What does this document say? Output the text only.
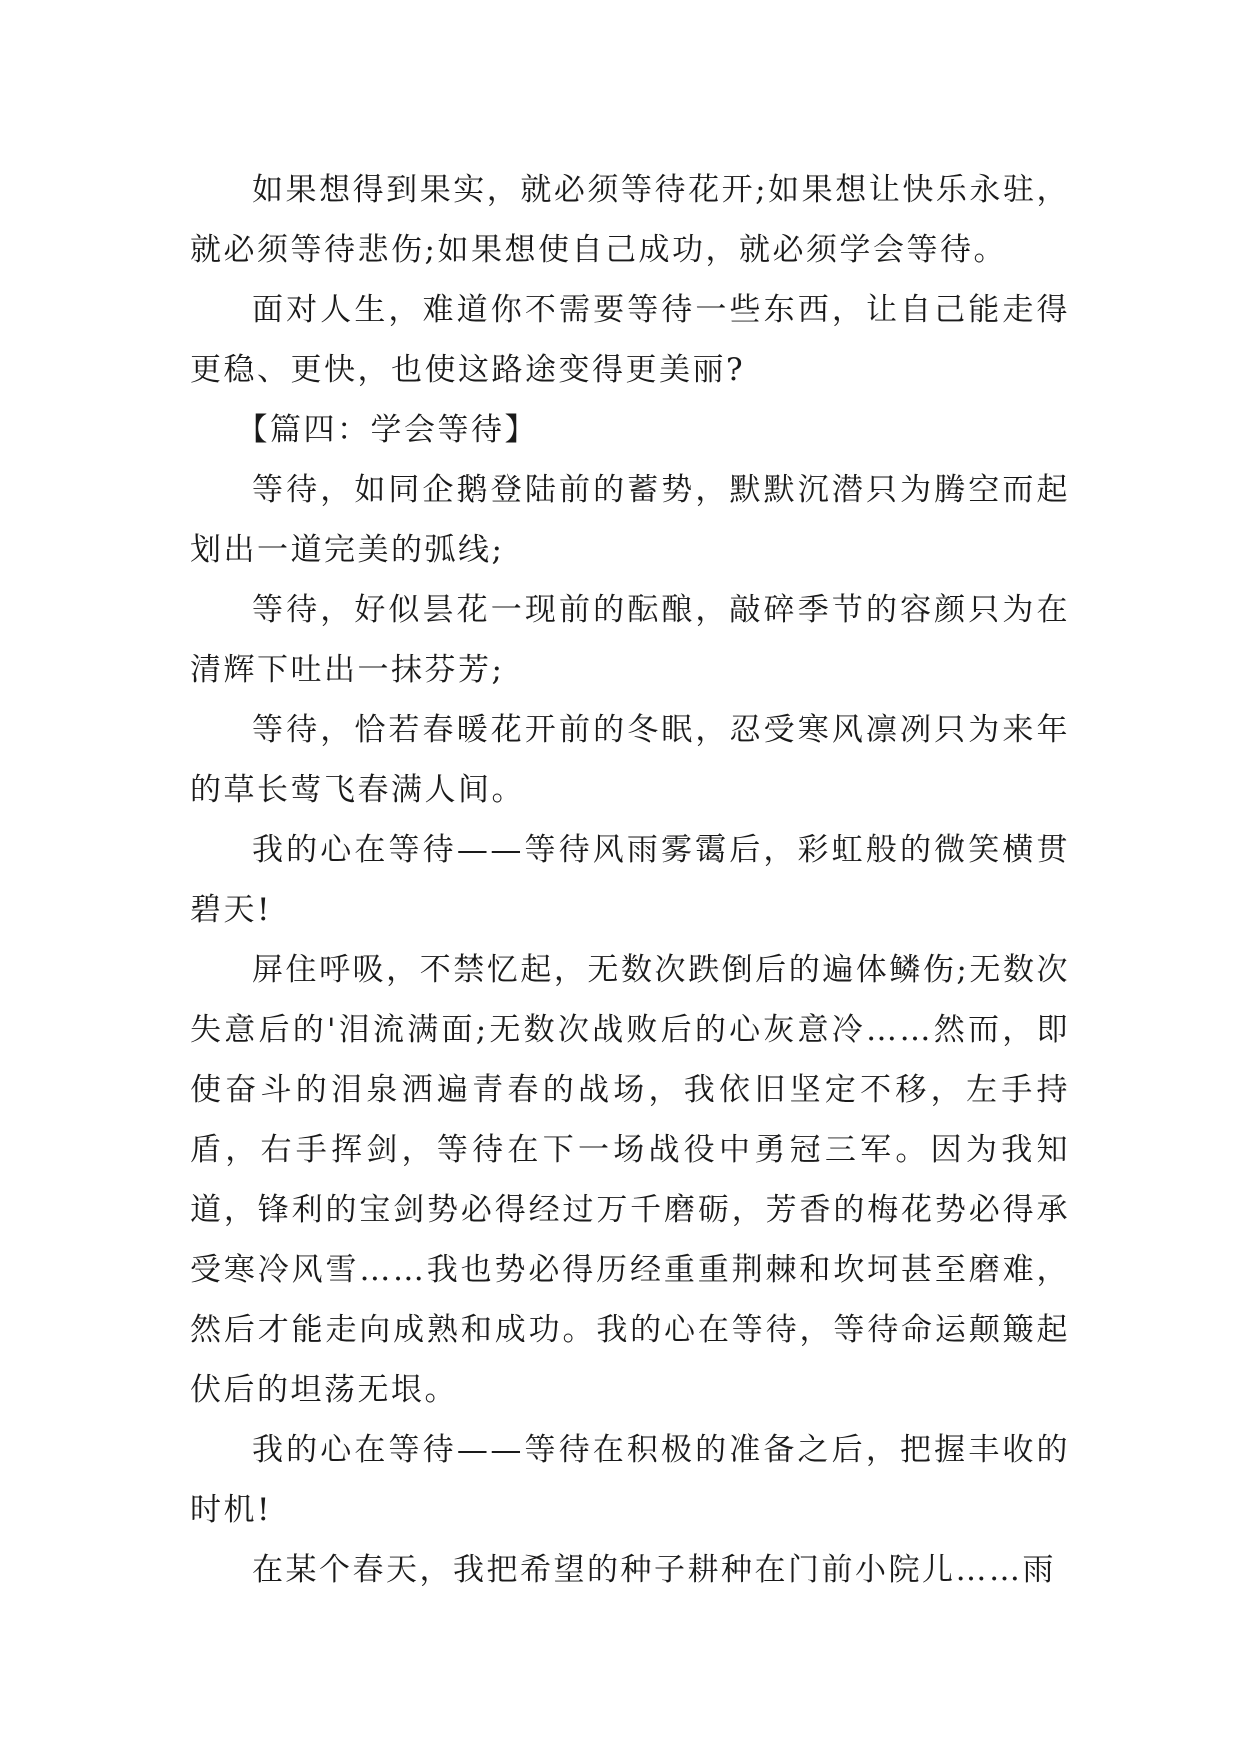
如果想得到果实，就必须等待花开;如果想让快乐永驻，就必须等待悲伤;如果想使自己成功，就必须学会等待。

面对人生，难道你不需要等待一些东西，让自己能走得更稳、更快，也使这路途变得更美丽?

【篇四：学会等待】

等待，如同企鹅登陆前的蓄势，默默沉潜只为腾空而起划出一道完美的弧线;

等待，好似昙花一现前的酝酿，敲碎季节的容颜只为在清辉下吐出一抹芬芳;

等待，恰若春暖花开前的冬眠，忍受寒风凛冽只为来年的草长莺飞春满人间。

我的心在等待——等待风雨雾霭后，彩虹般的微笑横贯碧天!

屏住呼吸，不禁忆起，无数次跌倒后的遍体鳞伤;无数次失意后的'泪流满面;无数次战败后的心灰意冷……然而，即使奋斗的泪泉洒遍青春的战场，我依旧坚定不移，左手持盾，右手挥剑，等待在下一场战役中勇冠三军。因为我知道，锋利的宝剑势必得经过万千磨砺，芳香的梅花势必得承受寒冷风雪……我也势必得历经重重荆棘和坎坷甚至磨难，然后才能走向成熟和成功。我的心在等待，等待命运颠簸起伏后的坦荡无垠。

我的心在等待——等待在积极的准备之后，把握丰收的时机!

在某个春天，我把希望的种子耕种在门前小院儿……雨
